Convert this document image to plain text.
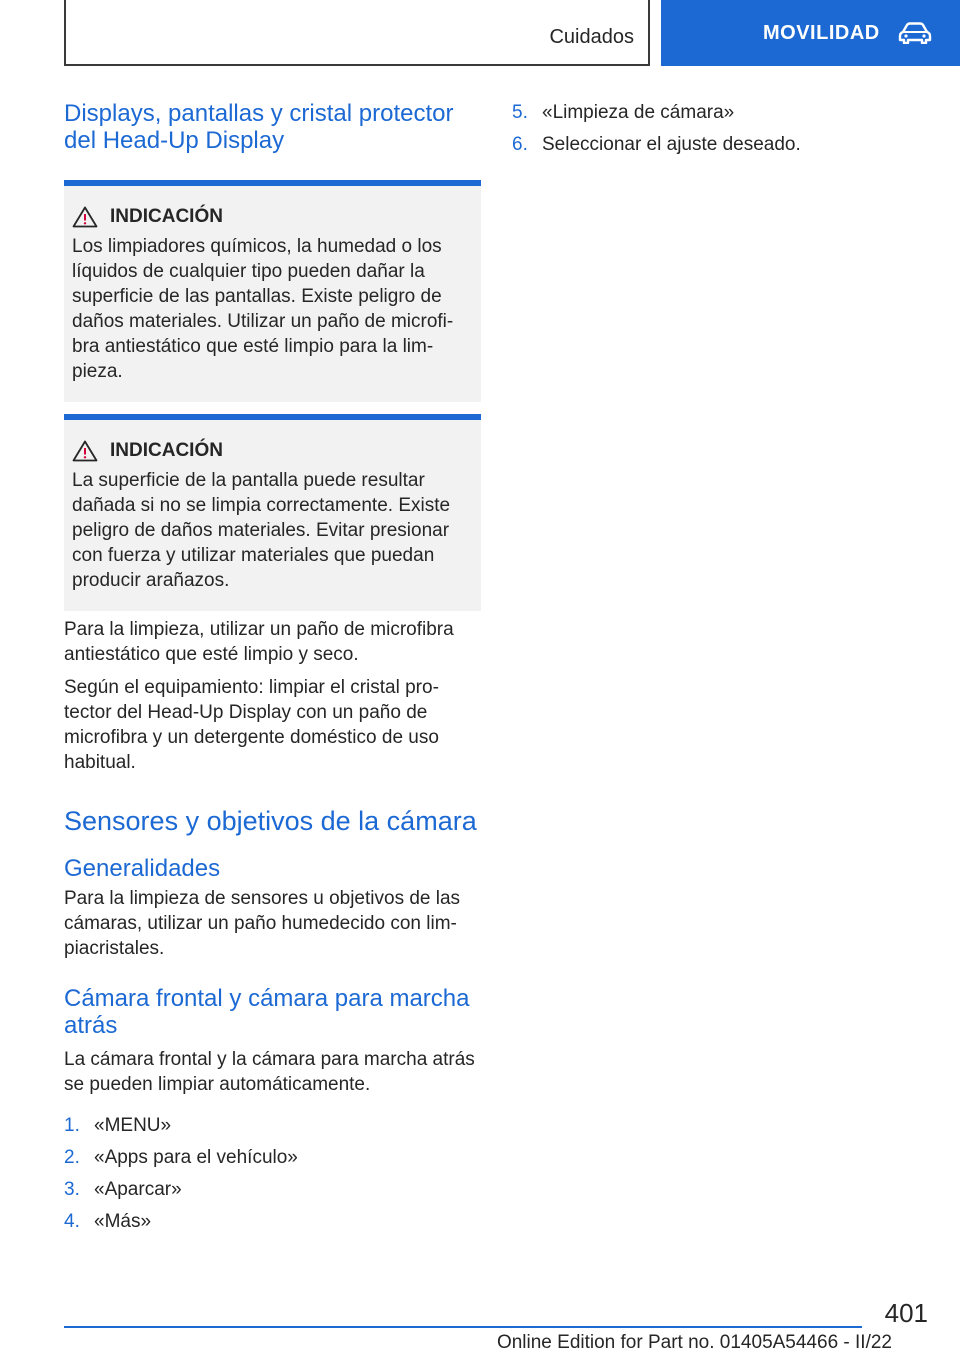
Cuidados	MOVILIDAD
Displays, pantallas y cristal protector del Head-Up Display
INDICACIÓN

Los limpiadores químicos, la humedad o los líquidos de cualquier tipo pueden dañar la superficie de las pantallas. Existe peligro de daños materiales. Utilizar un paño de microfi‐bra antiestático que esté limpio para la lim‐pieza.

INDICACIÓN

La superficie de la pantalla puede resultar dañada si no se limpia correctamente. Existe peligro de daños materiales. Evitar presionar con fuerza y utilizar materiales que puedan producir arañazos.

Para la limpieza, utilizar un paño de microfibra antiestático que esté limpio y seco.

Según el equipamiento: limpiar el cristal pro‐tector del Head-Up Display con un paño de microfibra y un detergente doméstico de uso habitual.

Sensores y objetivos de la cámara
Generalidades

Para la limpieza de sensores u objetivos de las cámaras, utilizar un paño humedecido con lim‐piacristales.

Cámara frontal y cámara para marcha atrás

La cámara frontal y la cámara para marcha atrás se pueden limpiar automáticamente.

1. «MENU»
2. «Apps para el vehículo»
3. «Aparcar»
4. «Más»
5. «Limpieza de cámara»
6. Seleccionar el ajuste deseado.
401
Online Edition for Part no. 01405A54466 - II/22
